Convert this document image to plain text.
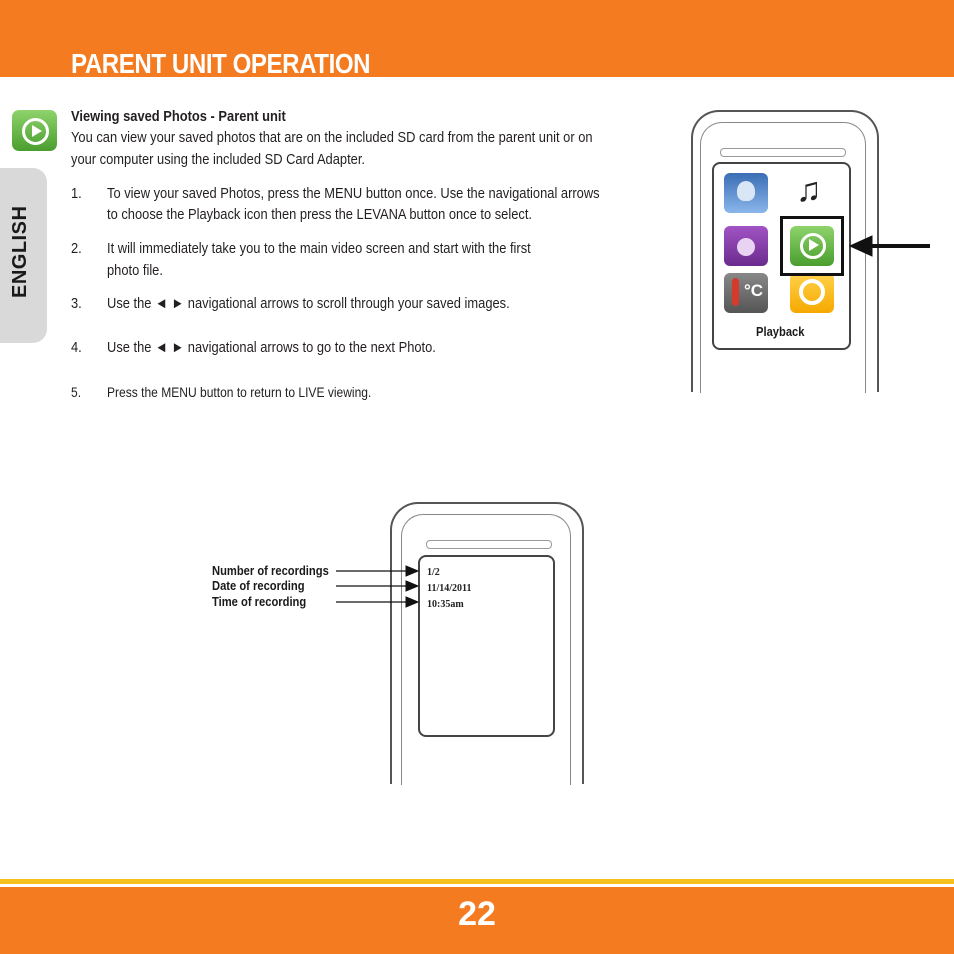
PARENT UNIT OPERATION
ENGLISH
Viewing saved Photos - Parent unit
You can view your saved photos that are on the included SD card from the parent unit or on
your computer using the included SD Card Adapter.
1. To view your saved Photos, press the MENU button once. Use the navigational arrows
to choose the Playback icon then press the LEVANA button once to select.
2. It will immediately take you to the main video screen and start with the first
photo file.
3. Use the ◄ ► navigational arrows to scroll through your saved images.
4. Use the ◄ ► navigational arrows to go to the next Photo.
5. Press the MENU button to return to LIVE viewing.
♫
°C
Playback
1/2
11/14/2011
10:35am
Number of recordings
Date of recording
Time of recording
22
